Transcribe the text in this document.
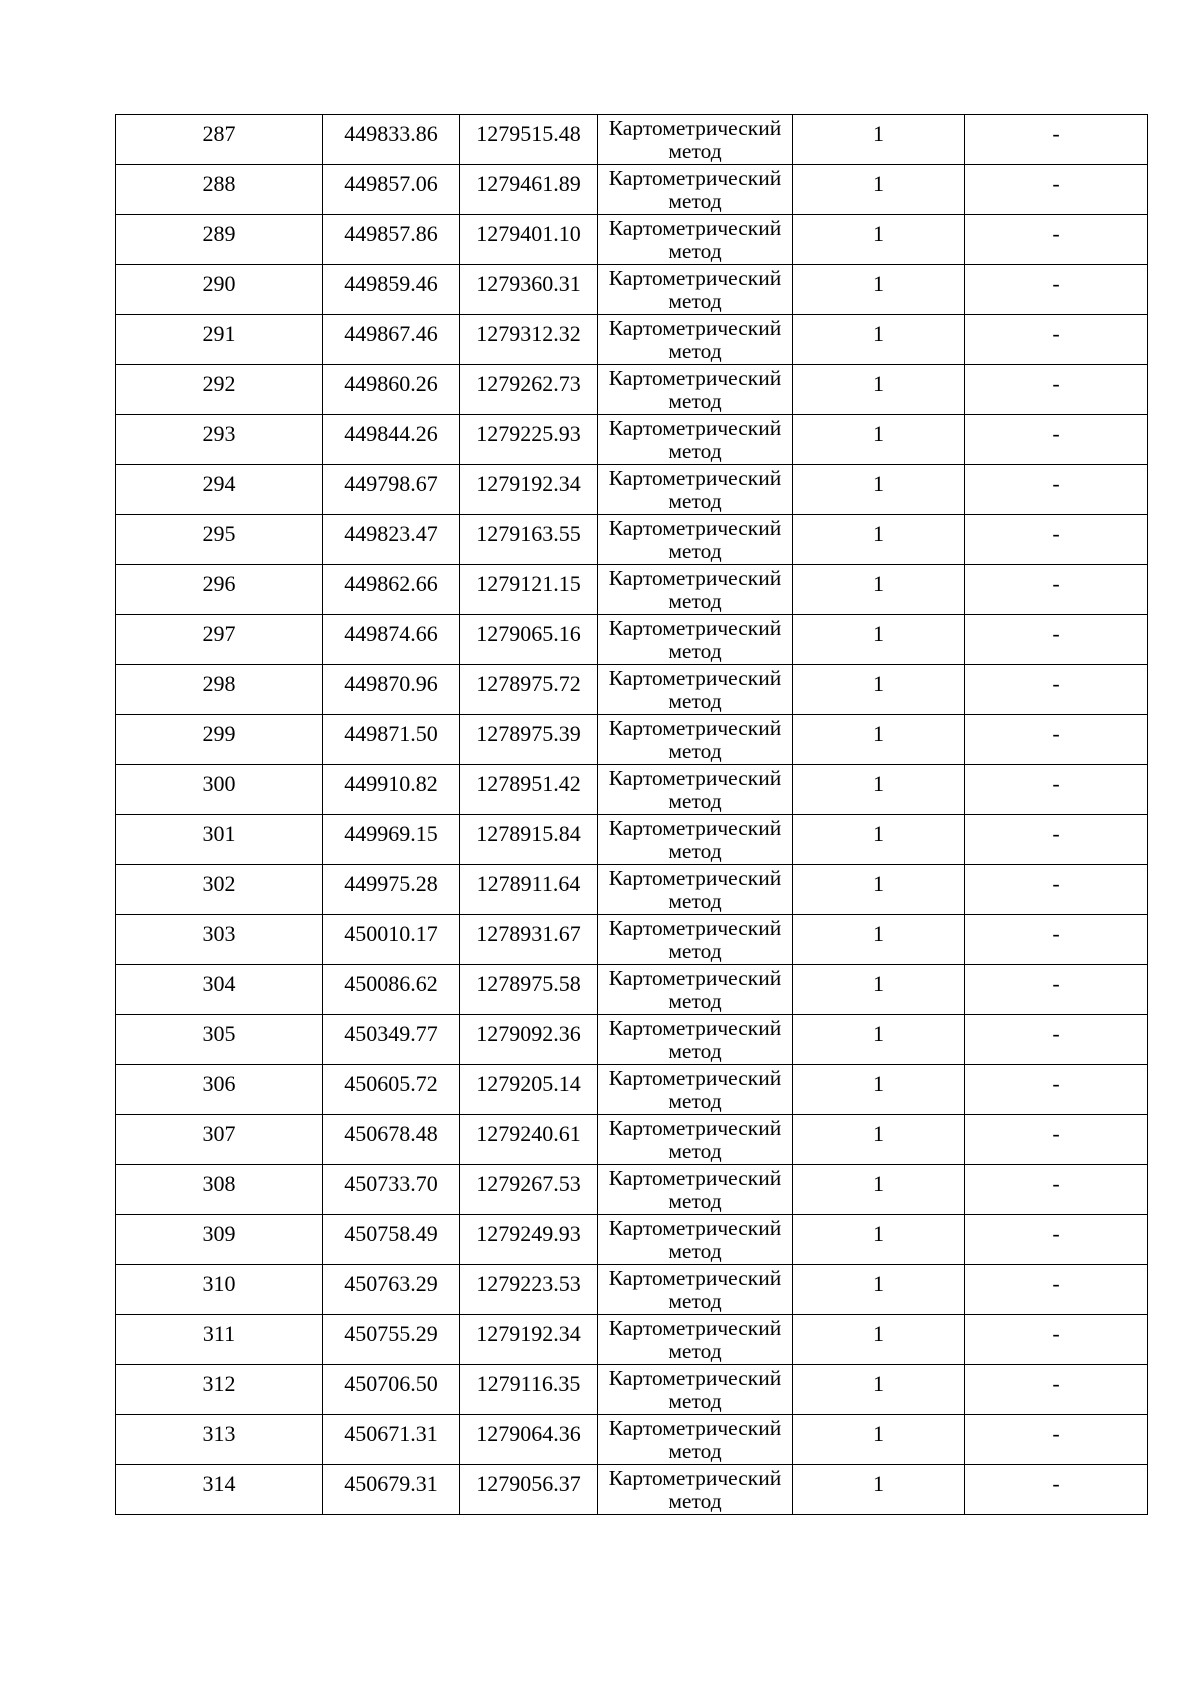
287	449833.86	1279515.48	Картометрический
метод	1	-
288	449857.06	1279461.89	Картометрический
метод	1	-
289	449857.86	1279401.10	Картометрический
метод	1	-
290	449859.46	1279360.31	Картометрический
метод	1	-
291	449867.46	1279312.32	Картометрический
метод	1	-
292	449860.26	1279262.73	Картометрический
метод	1	-
293	449844.26	1279225.93	Картометрический
метод	1	-
294	449798.67	1279192.34	Картометрический
метод	1	-
295	449823.47	1279163.55	Картометрический
метод	1	-
296	449862.66	1279121.15	Картометрический
метод	1	-
297	449874.66	1279065.16	Картометрический
метод	1	-
298	449870.96	1278975.72	Картометрический
метод	1	-
299	449871.50	1278975.39	Картометрический
метод	1	-
300	449910.82	1278951.42	Картометрический
метод	1	-
301	449969.15	1278915.84	Картометрический
метод	1	-
302	449975.28	1278911.64	Картометрический
метод	1	-
303	450010.17	1278931.67	Картометрический
метод	1	-
304	450086.62	1278975.58	Картометрический
метод	1	-
305	450349.77	1279092.36	Картометрический
метод	1	-
306	450605.72	1279205.14	Картометрический
метод	1	-
307	450678.48	1279240.61	Картометрический
метод	1	-
308	450733.70	1279267.53	Картометрический
метод	1	-
309	450758.49	1279249.93	Картометрический
метод	1	-
310	450763.29	1279223.53	Картометрический
метод	1	-
311	450755.29	1279192.34	Картометрический
метод	1	-
312	450706.50	1279116.35	Картометрический
метод	1	-
313	450671.31	1279064.36	Картометрический
метод	1	-
314	450679.31	1279056.37	Картометрический
метод	1	-
